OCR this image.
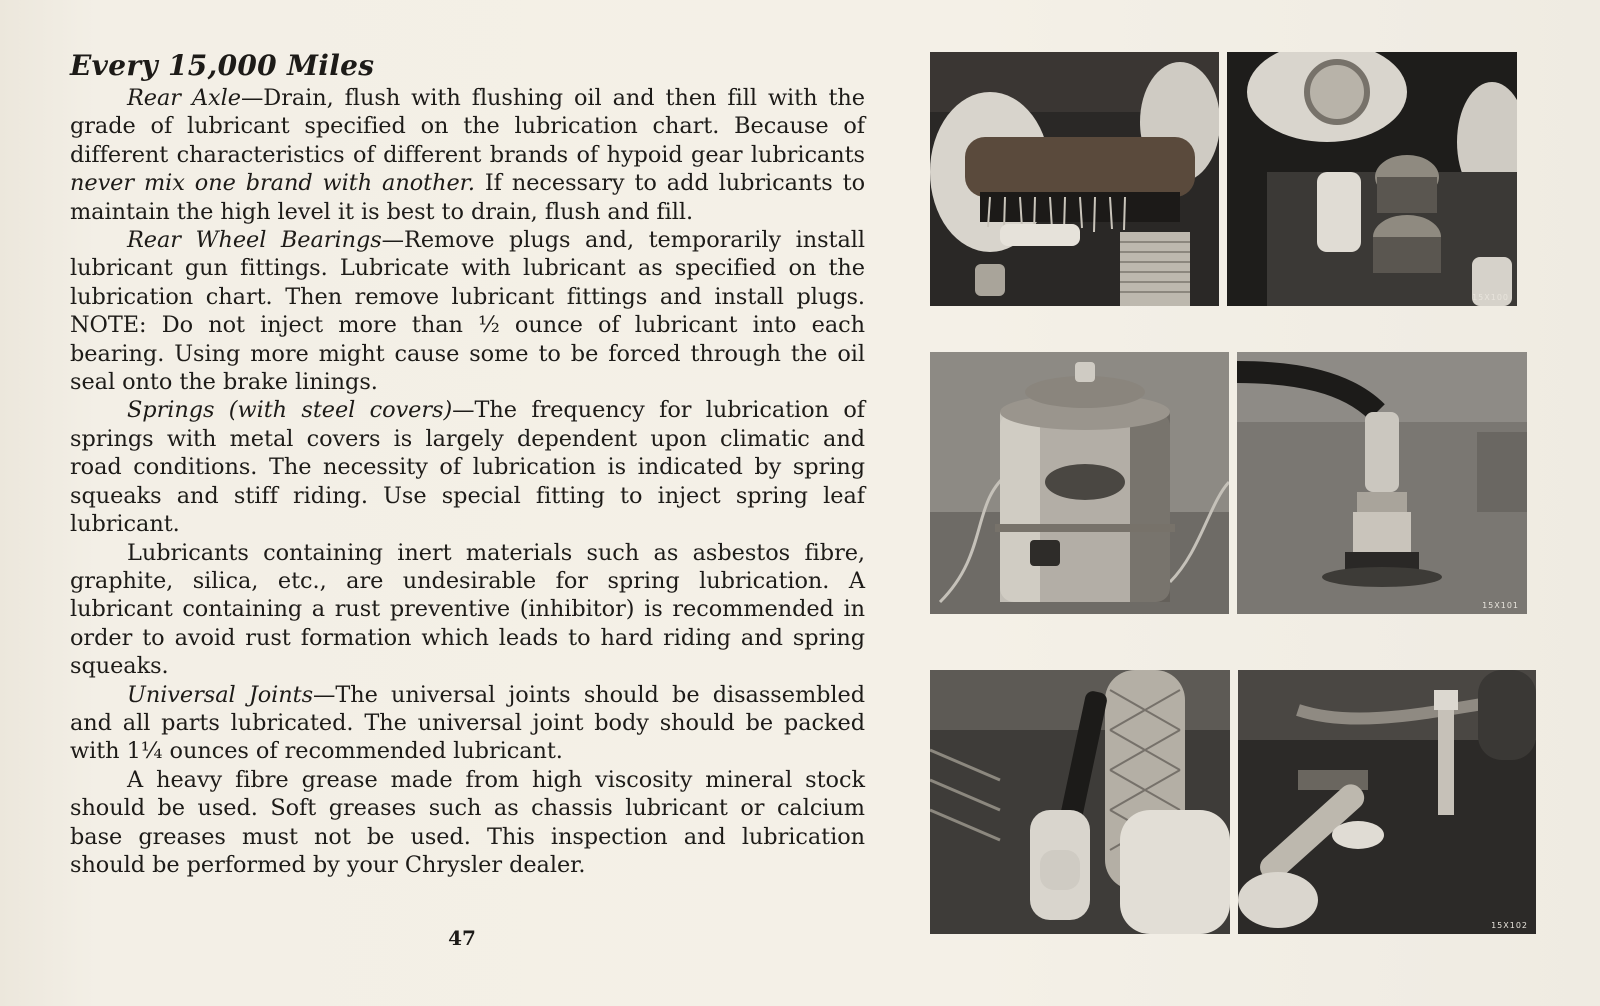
Every 15,000 Miles

Rear Axle—Drain, flush with flushing oil and then fill with the grade of lubricant specified on the lubrication chart. Because of different characteristics of different brands of hypoid gear lubricants never mix one brand with another. If necessary to add lubricants to maintain the high level it is best to drain, flush and fill.

Rear Wheel Bearings—Remove plugs and, temporarily install lubricant gun fittings. Lubricate with lubricant as specified on the lubrication chart. Then remove lubricant fittings and install plugs. NOTE: Do not inject more than ½ ounce of lubricant into each bearing. Using more might cause some to be forced through the oil seal onto the brake linings.

Springs (with steel covers)—The frequency for lubrication of springs with metal covers is largely dependent upon climatic and road conditions. The necessity of lubrication is indicated by spring squeaks and stiff riding. Use special fitting to inject spring leaf lubricant.

Lubricants containing inert materials such as asbestos fibre, graphite, silica, etc., are undesirable for spring lubrication. A lubricant containing a rust preventive (inhibitor) is recommended in order to avoid rust formation which leads to hard riding and spring squeaks.

Universal Joints—The universal joints should be disassembled and all parts lubricated. The universal joint body should be packed with 1¼ ounces of recommended lubricant.

A heavy fibre grease made from high viscosity mineral stock should be used. Soft greases such as chassis lubricant or calcium base greases must not be used. This inspection and lubrication should be performed by your Chrysler dealer.

47
15X100
15X101
15X102
